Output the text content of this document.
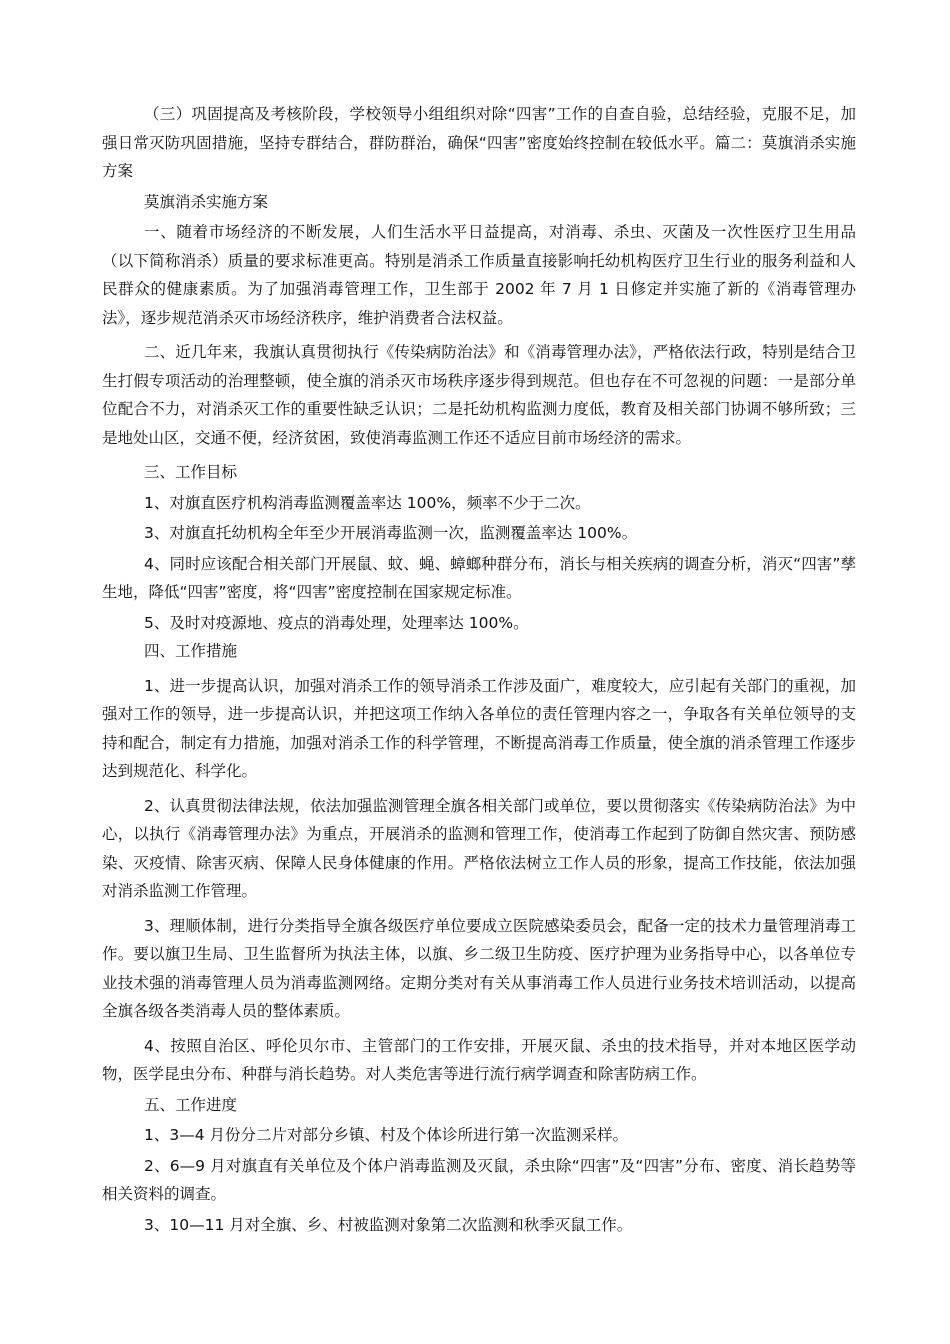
（三）巩固提高及考核阶段，学校领导小组组织对除“四害”工作的自查自验，总结经验，克服不足，加强日常灭防巩固措施，坚持专群结合，群防群治，确保“四害”密度始终控制在较低水平。篇二：莫旗消杀实施方案

莫旗消杀实施方案

一、随着市场经济的不断发展，人们生活水平日益提高，对消毒、杀虫、灭菌及一次性医疗卫生用品（以下简称消杀）质量的要求标准更高。特别是消杀工作质量直接影响托幼机构医疗卫生行业的服务利益和人民群众的健康素质。为了加强消毒管理工作，卫生部于 2002 年 7 月 1 日修定并实施了新的《消毒管理办法》，逐步规范消杀灭市场经济秩序，维护消费者合法权益。

二、近几年来，我旗认真贯彻执行《传染病防治法》和《消毒管理办法》，严格依法行政，特别是结合卫生打假专项活动的治理整顿，使全旗的消杀灭市场秩序逐步得到规范。但也存在不可忽视的问题：一是部分单位配合不力，对消杀灭工作的重要性缺乏认识；二是托幼机构监测力度低，教育及相关部门协调不够所致；三是地处山区，交通不便，经济贫困，致使消毒监测工作还不适应目前市场经济的需求。

三、工作目标

1、对旗直医疗机构消毒监测覆盖率达 100%，频率不少于二次。

3、对旗直托幼机构全年至少开展消毒监测一次，监测覆盖率达 100%。

4、同时应该配合相关部门开展鼠、蚊、蝇、蟑螂种群分布，消长与相关疾病的调查分析，消灭“四害”孳生地，降低“四害”密度，将“四害”密度控制在国家规定标准。

5、及时对疫源地、疫点的消毒处理，处理率达 100%。

四、工作措施

1、进一步提高认识，加强对消杀工作的领导消杀工作涉及面广，难度较大，应引起有关部门的重视，加强对工作的领导，进一步提高认识，并把这项工作纳入各单位的责任管理内容之一，争取各有关单位领导的支持和配合，制定有力措施，加强对消杀工作的科学管理，不断提高消毒工作质量，使全旗的消杀管理工作逐步达到规范化、科学化。

2、认真贯彻法律法规，依法加强监测管理全旗各相关部门或单位，要以贯彻落实《传染病防治法》为中心，以执行《消毒管理办法》为重点，开展消杀的监测和管理工作，使消毒工作起到了防御自然灾害、预防感染、灭疫情、除害灭病、保障人民身体健康的作用。严格依法树立工作人员的形象，提高工作技能，依法加强对消杀监测工作管理。

3、理顺体制，进行分类指导全旗各级医疗单位要成立医院感染委员会，配备一定的技术力量管理消毒工作。要以旗卫生局、卫生监督所为执法主体，以旗、乡二级卫生防疫、医疗护理为业务指导中心，以各单位专业技术强的消毒管理人员为消毒监测网络。定期分类对有关从事消毒工作人员进行业务技术培训活动，以提高全旗各级各类消毒人员的整体素质。

4、按照自治区、呼伦贝尔市、主管部门的工作安排，开展灭鼠、杀虫的技术指导，并对本地区医学动物，医学昆虫分布、种群与消长趋势。对人类危害等进行流行病学调查和除害防病工作。

五、工作进度

1、3—4 月份分二片对部分乡镇、村及个体诊所进行第一次监测采样。

2、6—9 月对旗直有关单位及个体户消毒监测及灭鼠，杀虫除“四害”及“四害”分布、密度、消长趋势等相关资料的调查。

3、10—11 月对全旗、乡、村被监测对象第二次监测和秋季灭鼠工作。
